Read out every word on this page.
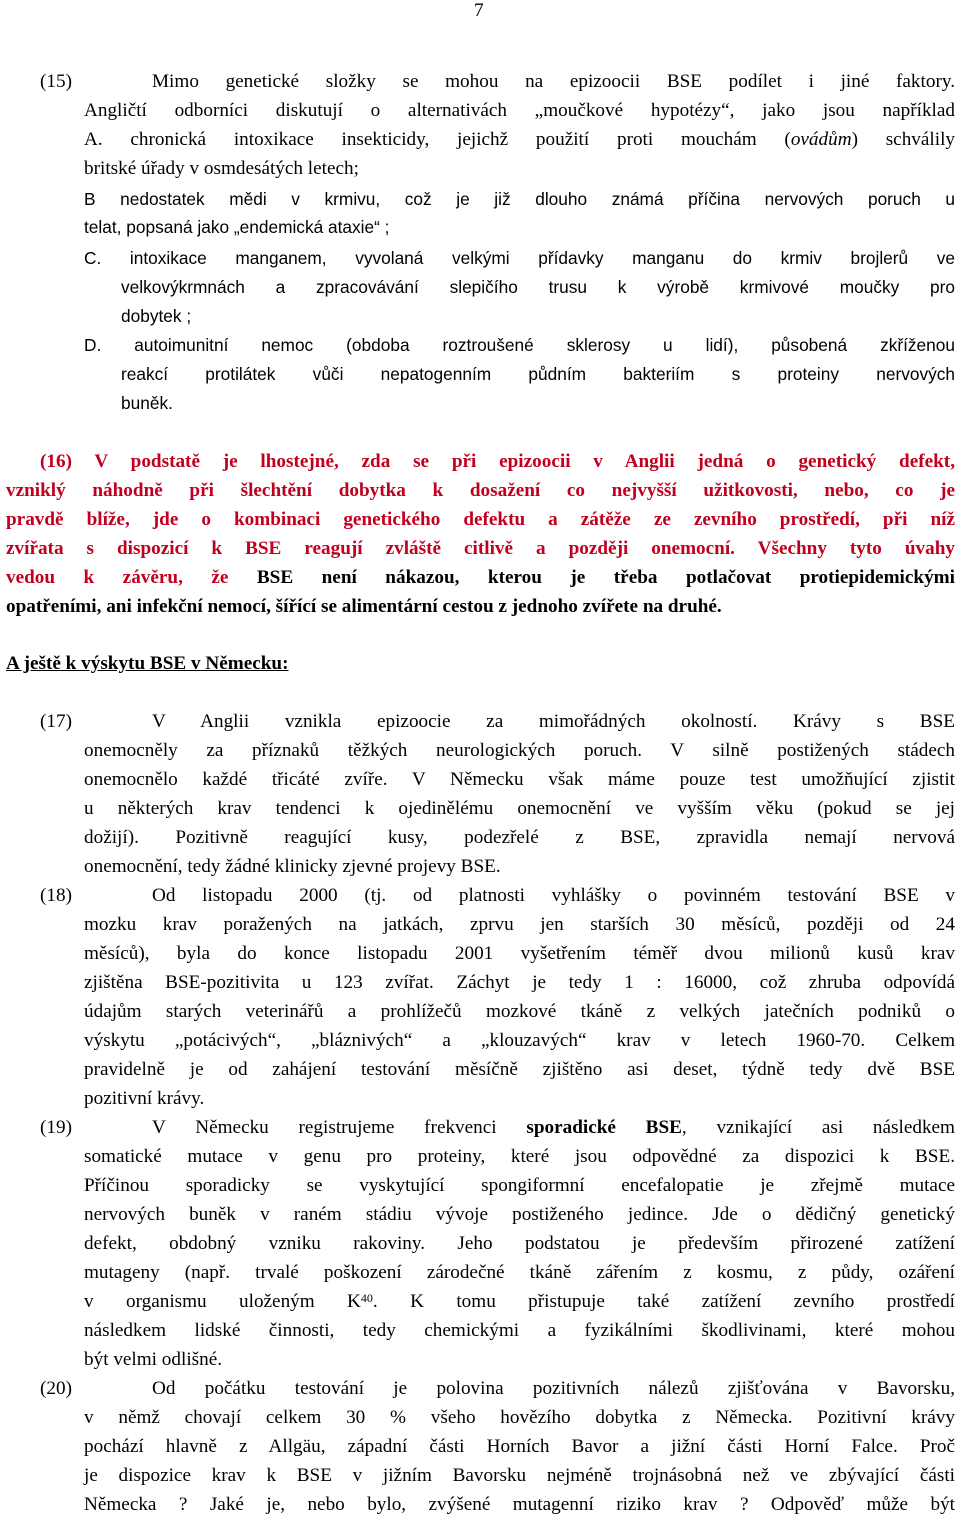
7
(15)	Mimo genetické složky se mohou na epizoocii BSE podílet i jiné faktory.
Angličtí odborníci diskutují o alternativách „moučkové hypotézy“, jako jsou například
A. chronická intoxikace insekticidy, jejichž použití proti mouchám (ovádům) schválily
britské úřady v osmdesátých letech;
B nedostatek mědi v krmivu, což je již dlouho známá příčina nervových poruch u
telat, popsaná jako „endemická ataxie“ ;
C. intoxikace manganem, vyvolaná velkými přídavky manganu do krmiv brojlerů ve
velkovýkrmnách a zpracovávání slepičího trusu k výrobě krmivové moučky pro
dobytek ;
D. autoimunitní nemoc (obdoba roztroušené sklerosy u lidí), působená zkříženou
reakcí protilátek vůči nepatogenním půdním bakteriím s proteiny nervových
buněk.
(16) V podstatě je lhostejné, zda se při epizoocii v Anglii jedná o genetický defekt,
vzniklý náhodně při šlechtění dobytka k dosažení co nejvyšší užitkovosti, nebo, co je
pravdě blíže, jde o kombinaci genetického defektu a zátěže ze zevního prostředí, při níž
zvířata s dispozicí k BSE reagují zvláště citlivě a později onemocní. Všechny tyto úvahy
vedou k závěru, že BSE není nákazou, kterou je třeba potlačovat protiepidemickými
opatřeními, ani infekční nemocí, šířící se alimentární cestou z jednoho zvířete na druhé.
A ještě k výskytu BSE v Německu:
(17)	V Anglii vznikla epizoocie za mimořádných okolností. Krávy s BSE
onemocněly za příznaků těžkých neurologických poruch. V silně postižených stádech
onemocnělo každé třicáté zvíře. V Německu však máme pouze test umožňující zjistit
u některých krav tendenci k ojedinělému onemocnění ve vyšším věku (pokud se jej
dožijí). Pozitivně reagující kusy, podezřelé z BSE, zpravidla nemají nervová
onemocnění, tedy žádné klinicky zjevné projevy BSE.
(18)	Od listopadu 2000 (tj. od platnosti vyhlášky o povinném testování BSE v
mozku krav poražených na jatkách, zprvu jen starších 30 měsíců, později od 24
měsíců), byla do konce listopadu 2001 vyšetřením téměř dvou milionů kusů krav
zjištěna BSE-pozitivita u 123 zvířat. Záchyt je tedy 1 : 16000, což zhruba odpovídá
údajům starých veterinářů a prohlížečů mozkové tkáně z velkých jatečních podniků o
výskytu „potácivých“, „bláznivých“ a „klouzavých“ krav v letech 1960-70. Celkem
pravidelně je od zahájení testování měsíčně zjištěno asi deset, týdně tedy dvě BSE
pozitivní krávy.
(19)	V Německu registrujeme frekvenci sporadické BSE, vznikající asi následkem
somatické mutace v genu pro proteiny, které jsou odpovědné za dispozici k BSE.
Příčinou sporadicky se vyskytující spongiformní encefalopatie je zřejmě mutace
nervových buněk v raném stádiu vývoje postiženého jedince. Jde o dědičný genetický
defekt, obdobný vzniku rakoviny. Jeho podstatou je především přirozené zatížení
mutageny (např. trvalé poškození zárodečné tkáně zářením z kosmu, z půdy, ozáření
v organismu uloženým $K^{40}$. K tomu přistupuje také zatížení zevního prostředí
následkem lidské činnosti, tedy chemickými a fyzikálními škodlivinami, které mohou
být velmi odlišné.
(20)	Od počátku testování je polovina pozitivních nálezů zjišťována v Bavorsku,
v němž chovají celkem 30 % všeho hovězího dobytka z Německa. Pozitivní krávy
pochází hlavně z Allgäu, západní části Horních Bavor a jižní části Horní Falce. Proč
je dispozice krav k BSE v jižním Bavorsku nejméně trojnásobná než ve zbývající části
Německa ? Jaké je, nebo bylo, zvýšené mutagenní riziko krav ? Odpověď může být
